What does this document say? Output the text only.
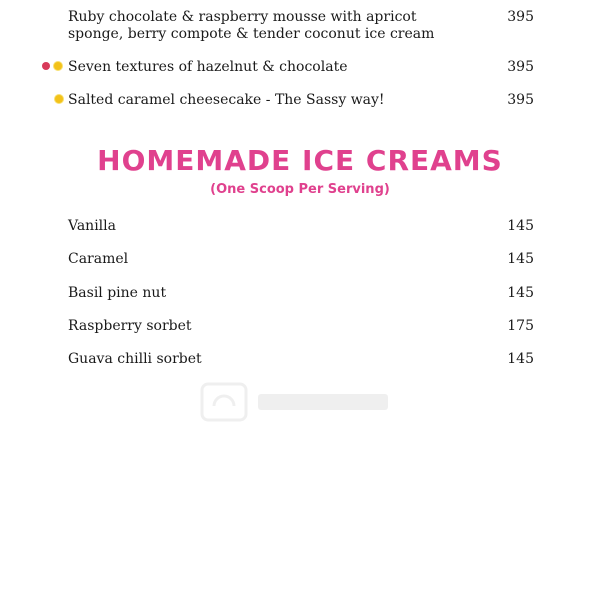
Ruby chocolate & raspberry mousse with apricot
sponge, berry compote & tender coconut ice cream
395
Seven textures of hazelnut & chocolate	395
Salted caramel cheesecake - The Sassy way!	395
HOMEMADE ICE CREAMS
(One Scoop Per Serving)
Vanilla	145
Caramel	145
Basil pine nut	145
Raspberry sorbet	175
Guava chilli sorbet	145
